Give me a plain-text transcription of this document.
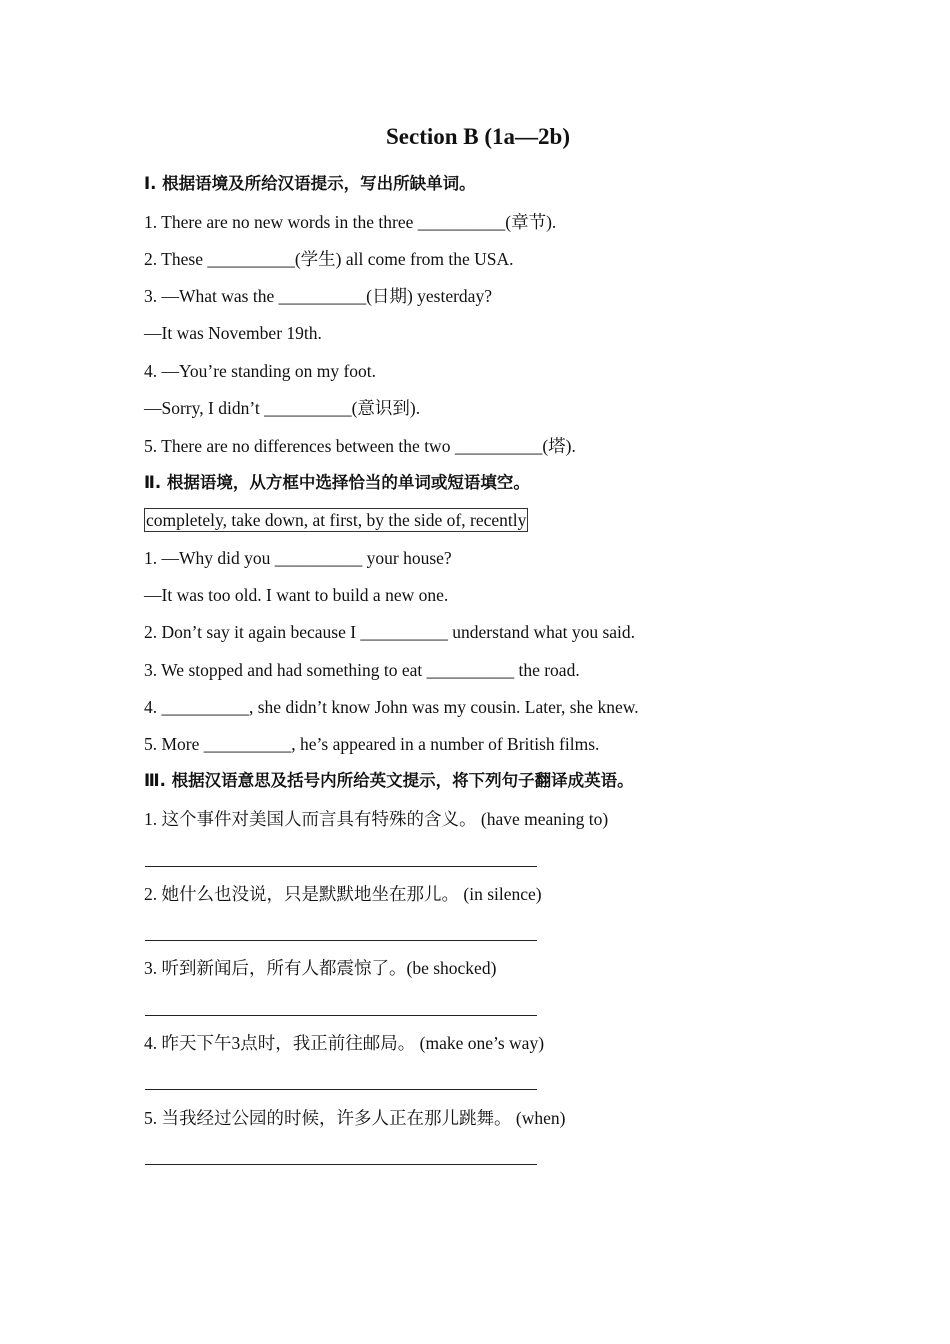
Section B (1a—2b)
Ⅰ. 根据语境及所给汉语提示，写出所缺单词。
1. There are no new words in the three __________(章节).
2. These __________(学生) all come from the USA.
3. —What was the __________(日期) yesterday?
—It was November 19th.
4. —You’re standing on my foot.
—Sorry, I didn’t __________(意识到).
5. There are no differences between the two __________(塔).
Ⅱ. 根据语境，从方框中选择恰当的单词或短语填空。
completely, take down, at first, by the side of, recently
1. —Why did you __________ your house?
—It was too old. I want to build a new one.
2. Don’t say it again because I __________ understand what you said.
3. We stopped and had something to eat __________ the road.
4. __________, she didn’t know John was my cousin. Later, she knew.
5. More __________, he’s appeared in a number of British films.
Ⅲ. 根据汉语意思及括号内所给英文提示，将下列句子翻译成英语。
1. 这个事件对美国人而言具有特殊的含义。 (have meaning to)
2. 她什么也没说，只是默默地坐在那儿。 (in silence)
3. 听到新闻后，所有人都震惊了。(be shocked)
4. 昨天下午3点时，我正前往邮局。 (make one’s way)
5. 当我经过公园的时候，许多人正在那儿跳舞。 (when)
